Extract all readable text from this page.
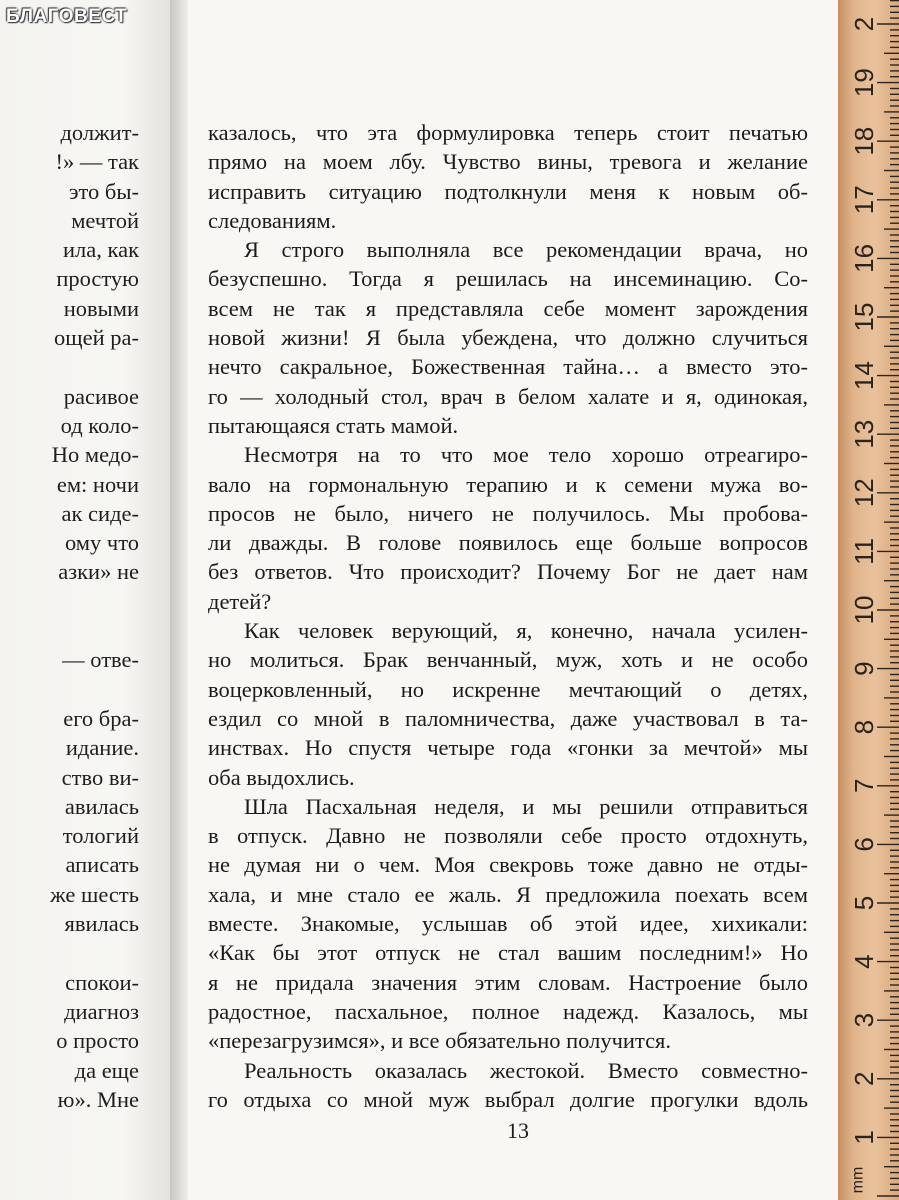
должит-
!» — так
это бы-
мечтой
ила, как
простую
новыми
ощей ра-

расивое
од коло-
Но медо-
ем: ночи
ак сиде-
ому что
азки» не

— отве-

его бра-
идание.
ство ви-
авилась
тологий
аписать
же шесть
явилась

спокои-
диагноз
о просто
да еще
ю». Мне
казалось, что эта формулировка теперь стоит печатью
прямо на моем лбу. Чувство вины, тревога и желание
исправить ситуацию подтолкнули меня к новым об-
следованиям.
Я строго выполняла все рекомендации врача, но
безуспешно. Тогда я решилась на инсеминацию. Со-
всем не так я представляла себе момент зарождения
новой жизни! Я была убеждена, что должно случиться
нечто сакральное, Божественная тайна… а вместо это-
го — холодный стол, врач в белом халате и я, одинокая,
пытающаяся стать мамой.
Несмотря на то что мое тело хорошо отреагиро-
вало на гормональную терапию и к семени мужа во-
просов не было, ничего не получилось. Мы пробова-
ли дважды. В голове появилось еще больше вопросов
без ответов. Что происходит? Почему Бог не дает нам
детей?
Как человек верующий, я, конечно, начала усилен-
но молиться. Брак венчанный, муж, хоть и не особо
воцерковленный, но искренне мечтающий о детях,
ездил со мной в паломничества, даже участвовал в та-
инствах. Но спустя четыре года «гонки за мечтой» мы
оба выдохлись.
Шла Пасхальная неделя, и мы решили отправиться
в отпуск. Давно не позволяли себе просто отдохнуть,
не думая ни о чем. Моя свекровь тоже давно не отды-
хала, и мне стало ее жаль. Я предложила поехать всем
вместе. Знакомые, услышав об этой идее, хихикали:
«Как бы этот отпуск не стал вашим последним!» Но
я не придала значения этим словам. Настроение было
радостное, пасхальное, полное надежд. Казалось, мы
«перезагрузимся», и все обязательно получится.
Реальность оказалась жестокой. Вместо совместно-
го отдыха со мной муж выбрал долгие прогулки вдоль
13	1
2
3
4
5
6
7
8
9
10
11
12
13
14
15
16
17
18
19
2
mm
БЛАГОВЕСТ
